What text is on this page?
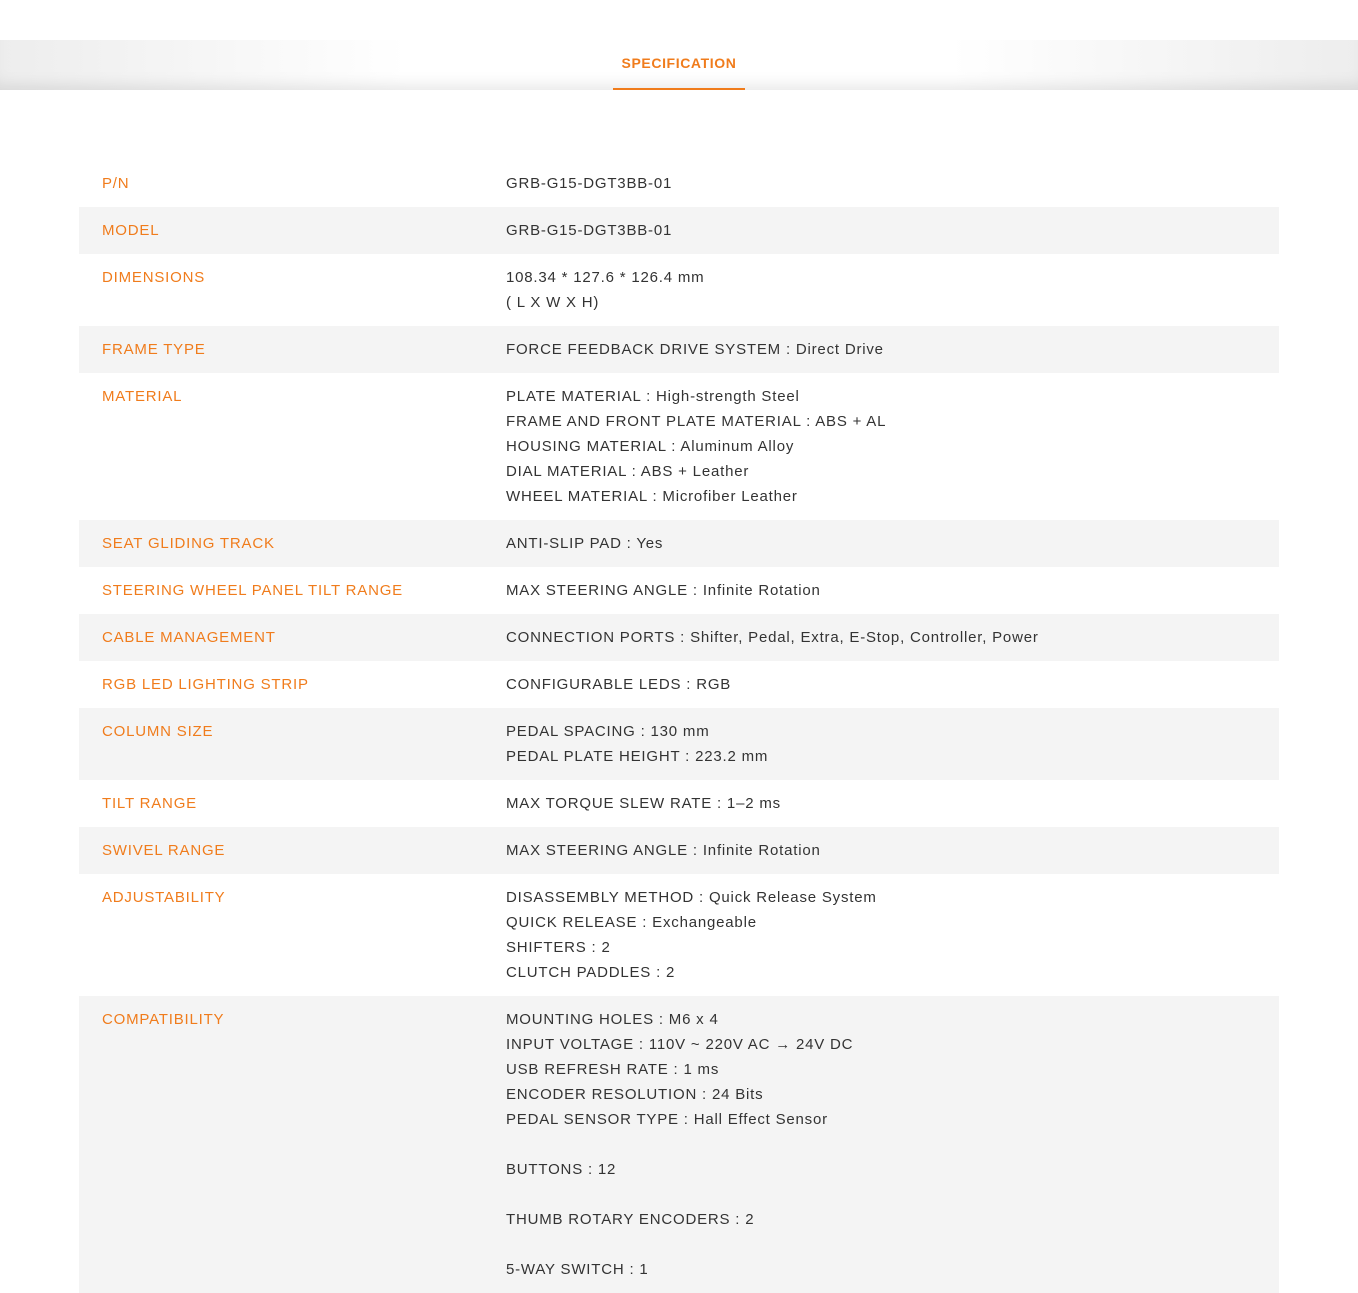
SPECIFICATION
P/N	GRB-G15-DGT3BB-01
MODEL	GRB-G15-DGT3BB-01
DIMENSIONS	108.34 * 127.6 * 126.4 mm
( L X W X H)
FRAME TYPE	FORCE FEEDBACK DRIVE SYSTEM : Direct Drive
MATERIAL	PLATE MATERIAL : High-strength Steel
FRAME AND FRONT PLATE MATERIAL : ABS + AL
HOUSING MATERIAL : Aluminum Alloy
DIAL MATERIAL : ABS + Leather
WHEEL MATERIAL : Microfiber Leather
SEAT GLIDING TRACK	ANTI-SLIP PAD : Yes
STEERING WHEEL PANEL TILT RANGE	MAX STEERING ANGLE : Infinite Rotation
CABLE MANAGEMENT	CONNECTION PORTS : Shifter, Pedal, Extra, E-Stop, Controller, Power
RGB LED LIGHTING STRIP	CONFIGURABLE LEDS : RGB
COLUMN SIZE	PEDAL SPACING : 130 mm
PEDAL PLATE HEIGHT : 223.2 mm
TILT RANGE	MAX TORQUE SLEW RATE : 1–2 ms
SWIVEL RANGE	MAX STEERING ANGLE : Infinite Rotation
ADJUSTABILITY	DISASSEMBLY METHOD : Quick Release System
QUICK RELEASE : Exchangeable
SHIFTERS : 2
CLUTCH PADDLES : 2
COMPATIBILITY	MOUNTING HOLES : M6 x 4
INPUT VOLTAGE : 110V ~ 220V AC → 24V DC
USB REFRESH RATE : 1 ms
ENCODER RESOLUTION : 24 Bits
PEDAL SENSOR TYPE : Hall Effect Sensor
BUTTONS : 12
THUMB ROTARY ENCODERS : 2
5-WAY SWITCH : 1
